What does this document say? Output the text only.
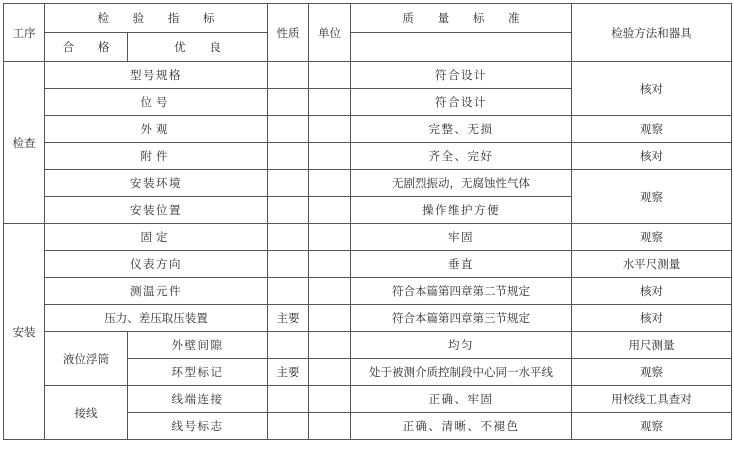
工序	检 验 指 标		性质	单位	质 量 标 准	检验方法和器具
	合 格	优 良				
检查	型号规格				符合设计	核对
	位号				符合设计	
	外观				完整、无损	观察
	附件				齐全、完好	核对
	安装环境				无剧烈振动，无腐蚀性气体	观察
	安装位置				操作维护方便	
安装	固定				牢固	观察
	仪表方向				垂直	水平尺测量
	测温元件				符合本篇第四章第二节规定	核对
	压力、差压取压装置		主要		符合本篇第四章第三节规定	核对
	液位浮筒	外壁间隙			均匀	用尺测量
		环型标记	主要		处于被测介质控制段中心同一水平线	观察
	接线	线端连接			正确、牢固	用校线工具查对
		线号标志			正确、清晰、不褪色	观察
